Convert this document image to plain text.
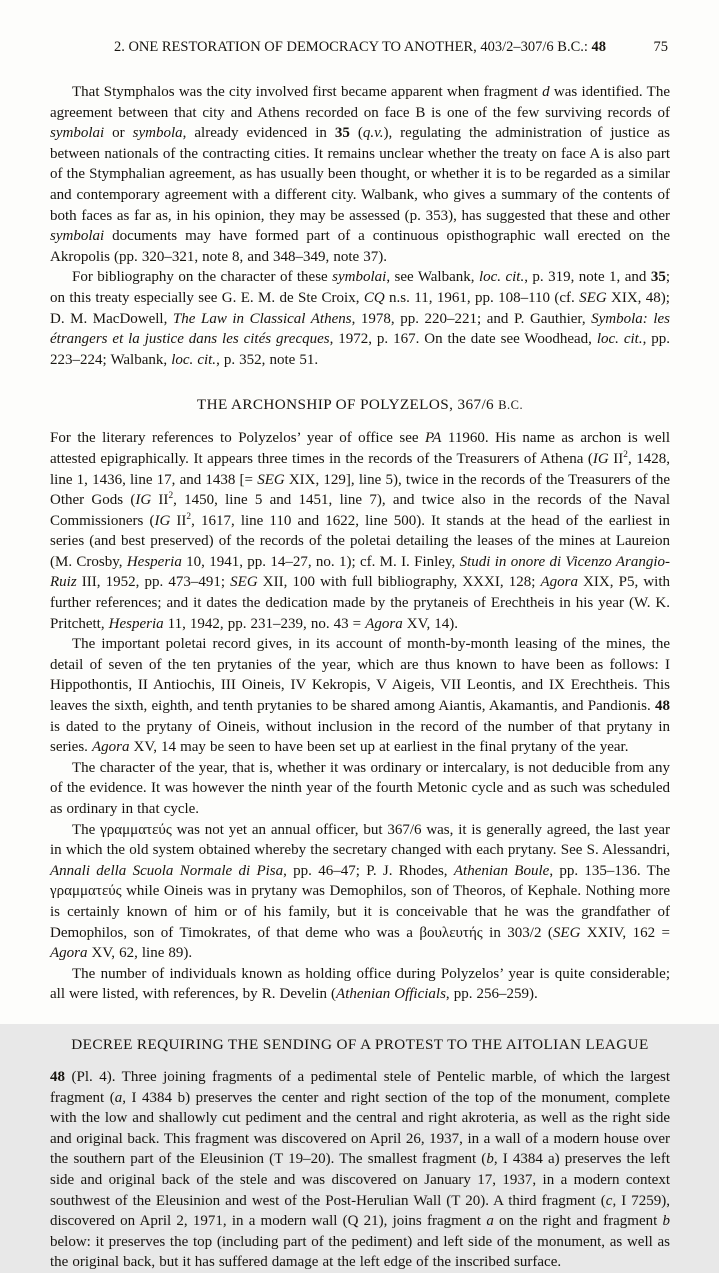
2. ONE RESTORATION OF DEMOCRACY TO ANOTHER, 403/2–307/6 B.C.: 48	75

That Stymphalos was the city involved first became apparent when fragment d was identified. The agreement between that city and Athens recorded on face B is one of the few surviving records of symbolai or symbola, already evidenced in 35 (q.v.), regulating the administration of justice as between nationals of the contracting cities. It remains unclear whether the treaty on face A is also part of the Stymphalian agreement, as has usually been thought, or whether it is to be regarded as a similar and contemporary agreement with a different city. Walbank, who gives a summary of the contents of both faces as far as, in his opinion, they may be assessed (p. 353), has suggested that these and other symbolai documents may have formed part of a continuous opisthographic wall erected on the Akropolis (pp. 320–321, note 8, and 348–349, note 37).

For bibliography on the character of these symbolai, see Walbank, loc. cit., p. 319, note 1, and 35; on this treaty especially see G. E. M. de Ste Croix, CQ n.s. 11, 1961, pp. 108–110 (cf. SEG XIX, 48); D. M. MacDowell, The Law in Classical Athens, 1978, pp. 220–221; and P. Gauthier, Symbola: les étrangers et la justice dans les cités grecques, 1972, p. 167. On the date see Woodhead, loc. cit., pp. 223–224; Walbank, loc. cit., p. 352, note 51.

THE ARCHONSHIP OF POLYZELOS, 367/6 B.C.

For the literary references to Polyzelos’ year of office see PA 11960. His name as archon is well attested epigraphically. It appears three times in the records of the Treasurers of Athena (IG $II^2$, 1428, line 1, 1436, line 17, and 1438 [= SEG XIX, 129], line 5), twice in the records of the Treasurers of the Other Gods (IG $II^2$, 1450, line 5 and 1451, line 7), and twice also in the records of the Naval Commissioners (IG $II^2$, 1617, line 110 and 1622, line 500). It stands at the head of the earliest in series (and best preserved) of the records of the poletai detailing the leases of the mines at Laureion (M. Crosby, Hesperia 10, 1941, pp. 14–27, no. 1); cf. M. I. Finley, Studi in onore di Vicenzo Arangio-Ruiz III, 1952, pp. 473–491; SEG XII, 100 with full bibliography, XXXI, 128; Agora XIX, P5, with further references; and it dates the dedication made by the prytaneis of Erechtheis in his year (W. K. Pritchett, Hesperia 11, 1942, pp. 231–239, no. 43 = Agora XV, 14).

The important poletai record gives, in its account of month-by-month leasing of the mines, the detail of seven of the ten prytanies of the year, which are thus known to have been as follows: I Hippothontis, II Antiochis, III Oineis, IV Kekropis, V Aigeis, VII Leontis, and IX Erechtheis. This leaves the sixth, eighth, and tenth prytanies to be shared among Aiantis, Akamantis, and Pandionis. 48 is dated to the prytany of Oineis, without inclusion in the record of the number of that prytany in series. Agora XV, 14 may be seen to have been set up at earliest in the final prytany of the year.

The character of the year, that is, whether it was ordinary or intercalary, is not deducible from any of the evidence. It was however the ninth year of the fourth Metonic cycle and as such was scheduled as ordinary in that cycle.

The γραμματεύς was not yet an annual officer, but 367/6 was, it is generally agreed, the last year in which the old system obtained whereby the secretary changed with each prytany. See S. Alessandri, Annali della Scuola Normale di Pisa, pp. 46–47; P. J. Rhodes, Athenian Boule, pp. 135–136. The γραμματεύς while Oineis was in prytany was Demophilos, son of Theoros, of Kephale. Nothing more is certainly known of him or of his family, but it is conceivable that he was the grandfather of Demophilos, son of Timokrates, of that deme who was a βουλευτής in 303/2 (SEG XXIV, 162 = Agora XV, 62, line 89).

The number of individuals known as holding office during Polyzelos’ year is quite considerable; all were listed, with references, by R. Develin (Athenian Officials, pp. 256–259).

DECREE REQUIRING THE SENDING OF A PROTEST TO THE AITOLIAN LEAGUE

48 (Pl. 4). Three joining fragments of a pedimental stele of Pentelic marble, of which the largest fragment (a, I 4384 b) preserves the center and right section of the top of the monument, complete with the low and shallowly cut pediment and the central and right akroteria, as well as the right side and original back. This fragment was discovered on April 26, 1937, in a wall of a modern house over the southern part of the Eleusinion (T 19–20). The smallest fragment (b, I 4384 a) preserves the left side and original back of the stele and was discovered on January 17, 1937, in a modern context southwest of the Eleusinion and west of the Post-Herulian Wall (T 20). A third fragment (c, I 7259), discovered on April 2, 1971, in a modern wall (Q 21), joins fragment a on the right and fragment b below: it preserves the top (including part of the pediment) and left side of the monument, as well as the original back, but it has suffered damage at the left edge of the inscribed surface.
